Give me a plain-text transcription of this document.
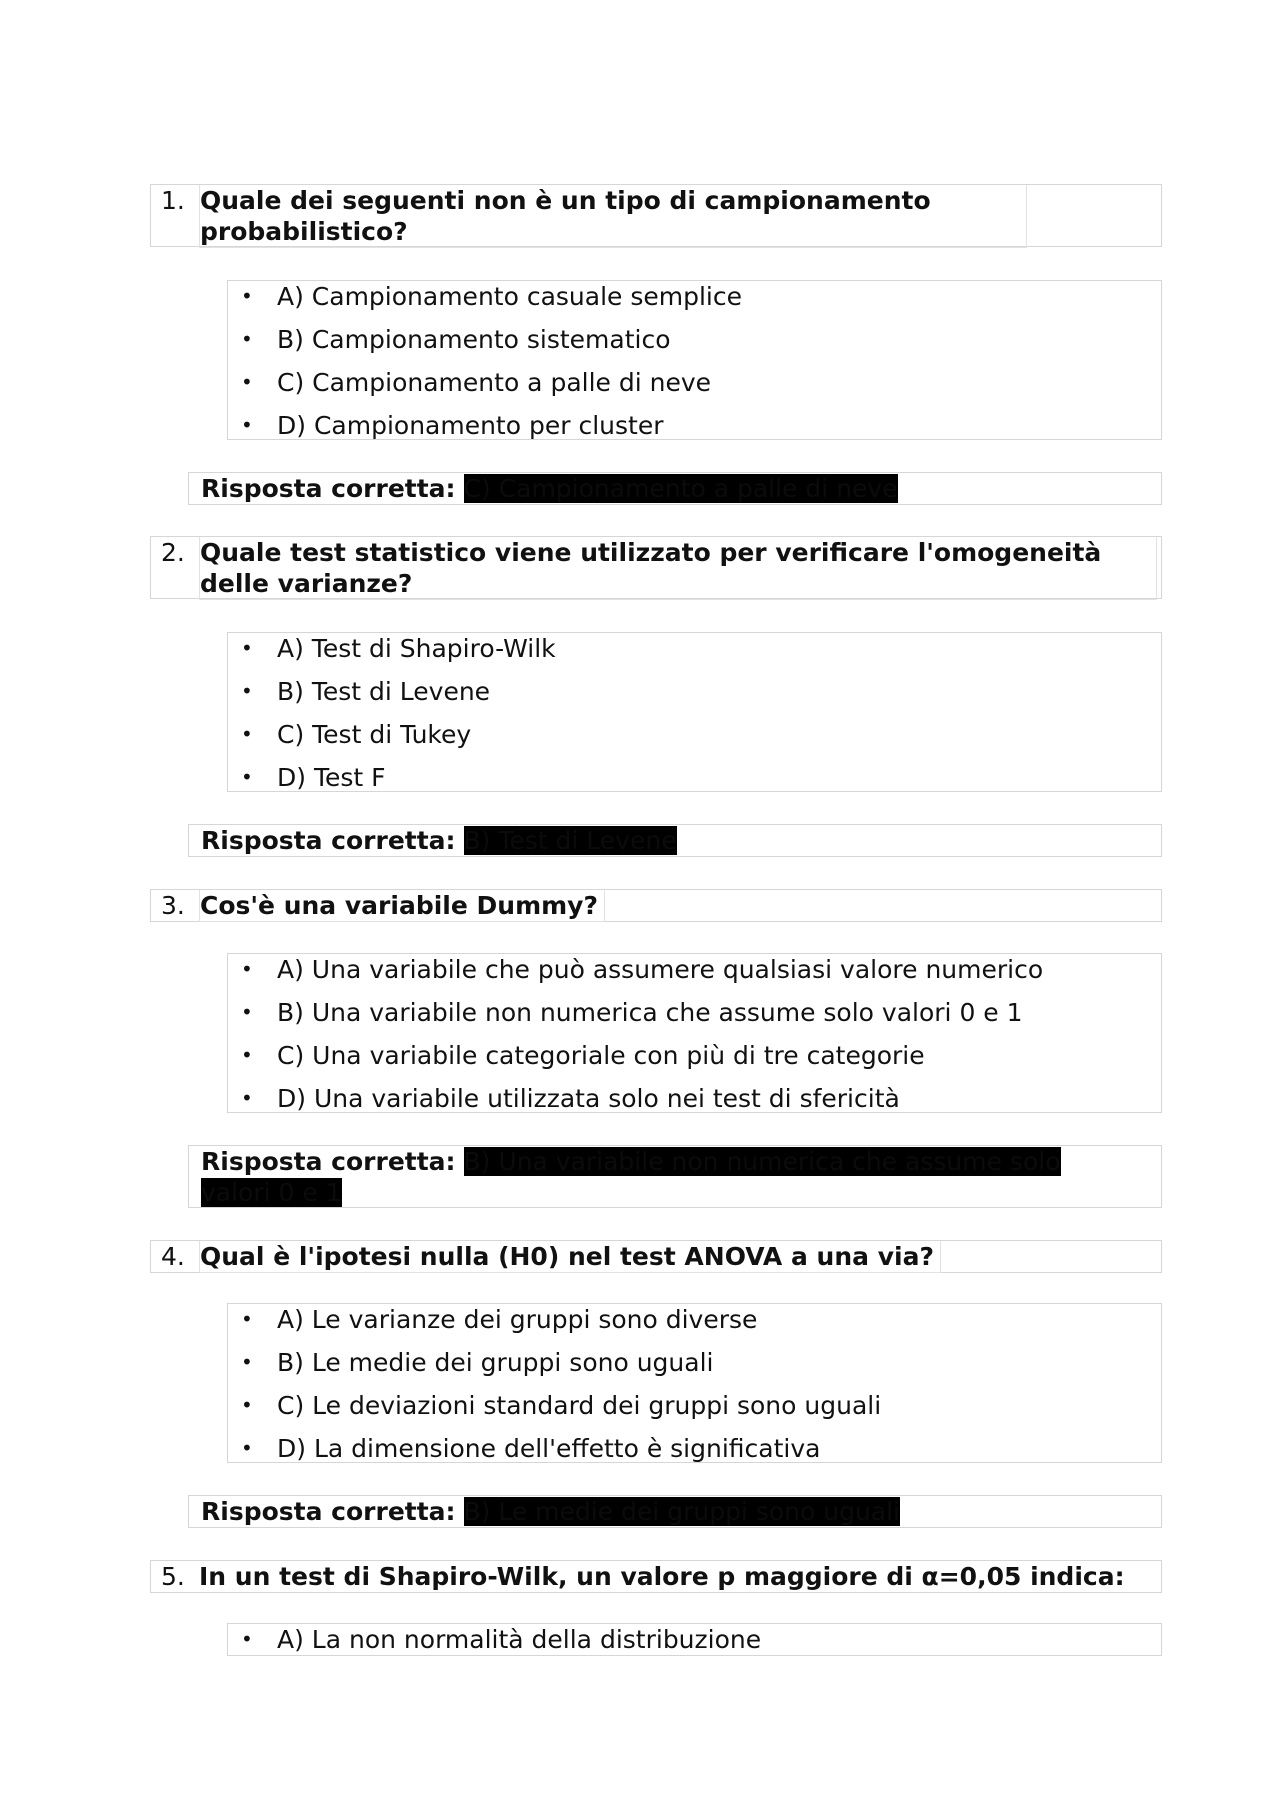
1. Quale dei seguenti non è un tipo di campionamento probabilistico?
• A) Campionamento casuale semplice
• B) Campionamento sistematico
• C) Campionamento a palle di neve
• D) Campionamento per cluster
Risposta corretta: C) Campionamento a palle di neve
2. Quale test statistico viene utilizzato per verificare l'omogeneità delle varianze?
• A) Test di Shapiro-Wilk
• B) Test di Levene
• C) Test di Tukey
• D) Test F
Risposta corretta: B) Test di Levene
3. Cos'è una variabile Dummy?
• A) Una variabile che può assumere qualsiasi valore numerico
• B) Una variabile non numerica che assume solo valori 0 e 1
• C) Una variabile categoriale con più di tre categorie
• D) Una variabile utilizzata solo nei test di sfericità
Risposta corretta: B) Una variabile non numerica che assume solo valori 0 e 1
4. Qual è l'ipotesi nulla (H0) nel test ANOVA a una via?
• A) Le varianze dei gruppi sono diverse
• B) Le medie dei gruppi sono uguali
• C) Le deviazioni standard dei gruppi sono uguali
• D) La dimensione dell'effetto è significativa
Risposta corretta: B) Le medie dei gruppi sono uguali
5. In un test di Shapiro-Wilk, un valore p maggiore di α=0,05 indica:
• A) La non normalità della distribuzione
